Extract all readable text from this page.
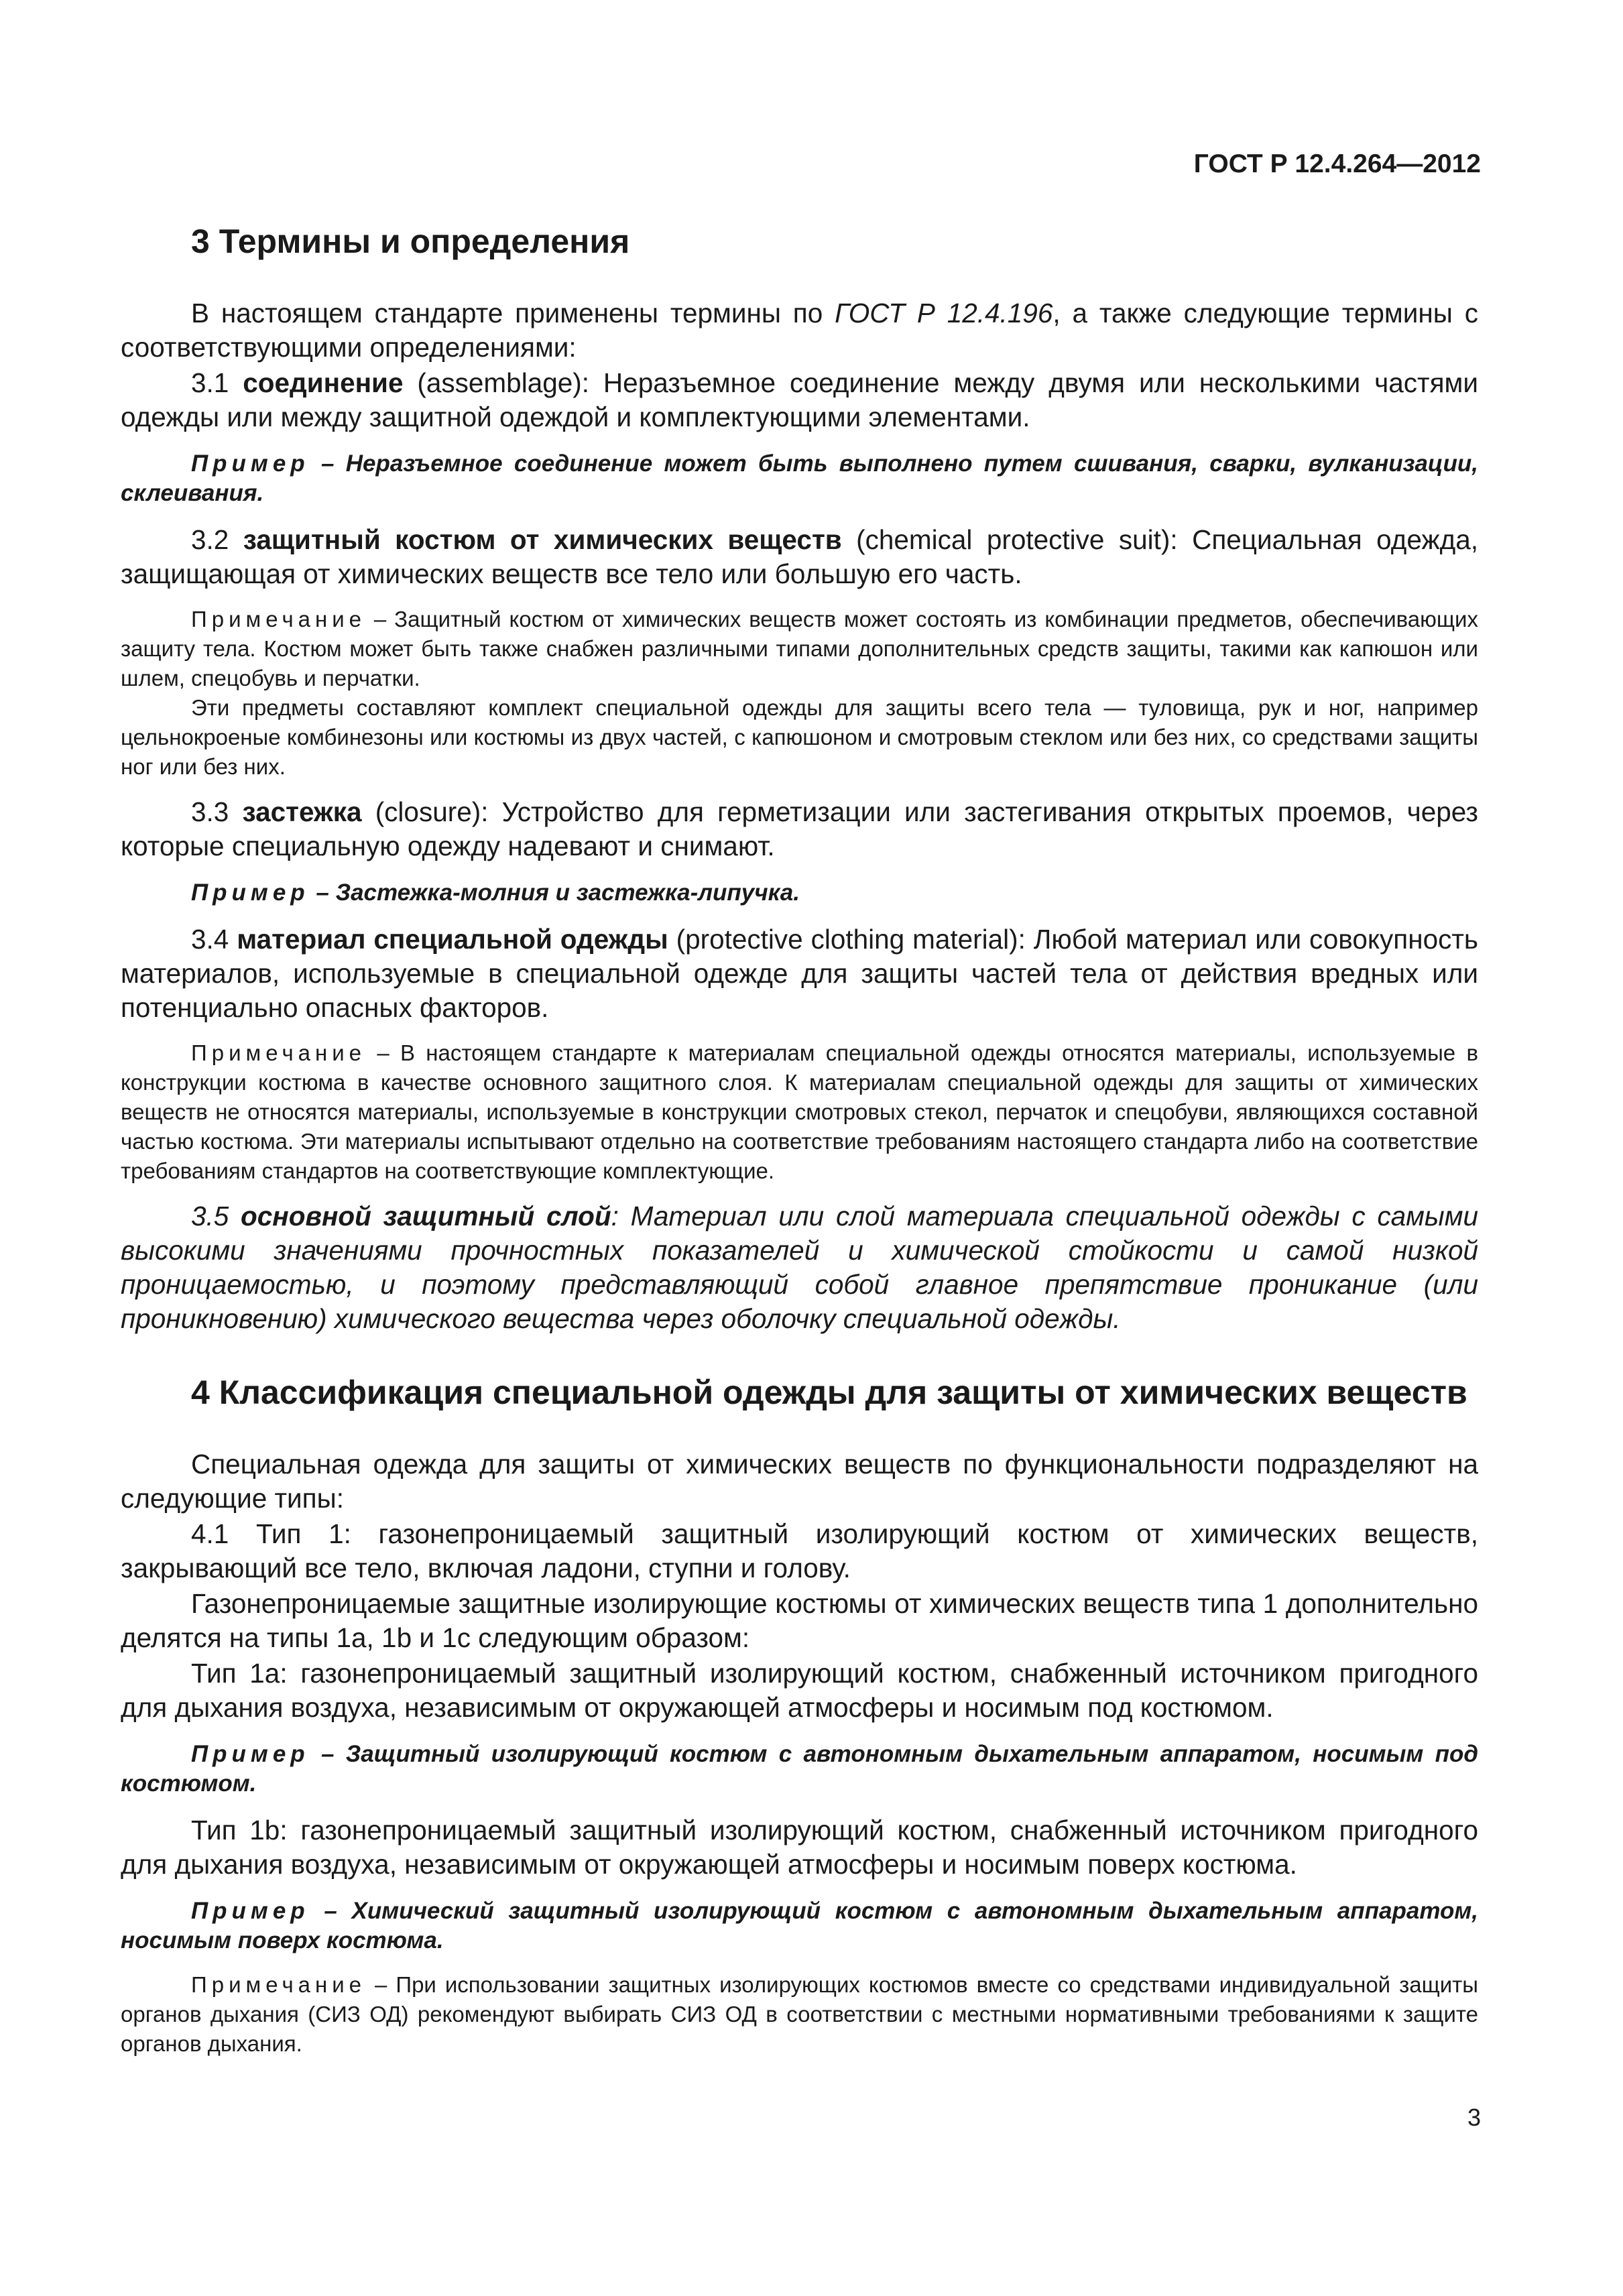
ГОСТ Р 12.4.264—2012
3 Термины и определения

В настоящем стандарте применены термины по ГОСТ Р 12.4.196, а также следующие термины с соответствующими определениями:

3.1 соединение (assemblage): Неразъемное соединение между двумя или несколькими частями одежды или между защитной одеждой и комплектующими элементами.

Пример – Неразъемное соединение может быть выполнено путем сшивания, сварки, вулканизации, склеивания.

3.2 защитный костюм от химических веществ (chemical protective suit): Специальная одежда, защищающая от химических веществ все тело или большую его часть.

Примечание – Защитный костюм от химических веществ может состоять из комбинации предметов, обеспечивающих защиту тела. Костюм может быть также снабжен различными типами дополнительных средств защиты, такими как капюшон или шлем, спецобувь и перчатки.

Эти предметы составляют комплект специальной одежды для защиты всего тела — туловища, рук и ног, например цельнокроеные комбинезоны или костюмы из двух частей, с капюшоном и смотровым стеклом или без них, со средствами защиты ног или без них.

3.3 застежка (closure): Устройство для герметизации или застегивания открытых проемов, через которые специальную одежду надевают и снимают.

Пример – Застежка-молния и застежка-липучка.

3.4 материал специальной одежды (protective clothing material): Любой материал или совокупность материалов, используемые в специальной одежде для защиты частей тела от действия вредных или потенциально опасных факторов.

Примечание – В настоящем стандарте к материалам специальной одежды относятся материалы, используемые в конструкции костюма в качестве основного защитного слоя. К материалам специальной одежды для защиты от химических веществ не относятся материалы, используемые в конструкции смотровых стекол, перчаток и спецобуви, являющихся составной частью костюма. Эти материалы испытывают отдельно на соответствие требованиям настоящего стандарта либо на соответствие требованиям стандартов на соответствующие комплектующие.

3.5 основной защитный слой: Материал или слой материала специальной одежды с самыми высокими значениями прочностных показателей и химической стойкости и самой низкой проницаемостью, и поэтому представляющий собой главное препятствие проникание (или проникновению) химического вещества через оболочку специальной одежды.

4 Классификация специальной одежды для защиты от химических веществ

Специальная одежда для защиты от химических веществ по функциональности подразделяют на следующие типы:

4.1 Тип 1: газонепроницаемый защитный изолирующий костюм от химических веществ, закрывающий все тело, включая ладони, ступни и голову.

Газонепроницаемые защитные изолирующие костюмы от химических веществ типа 1 дополнительно делятся на типы 1a, 1b и 1c следующим образом:

Тип 1a: газонепроницаемый защитный изолирующий костюм, снабженный источником пригодного для дыхания воздуха, независимым от окружающей атмосферы и носимым под костюмом.

Пример – Защитный изолирующий костюм с автономным дыхательным аппаратом, носимым под костюмом.

Тип 1b: газонепроницаемый защитный изолирующий костюм, снабженный источником пригодного для дыхания воздуха, независимым от окружающей атмосферы и носимым поверх костюма.

Пример – Химический защитный изолирующий костюм с автономным дыхательным аппаратом, носимым поверх костюма.

Примечание – При использовании защитных изолирующих костюмов вместе со средствами индивидуальной защиты органов дыхания (СИЗ ОД) рекомендуют выбирать СИЗ ОД в соответствии с местными нормативными требованиями к защите органов дыхания.

3
